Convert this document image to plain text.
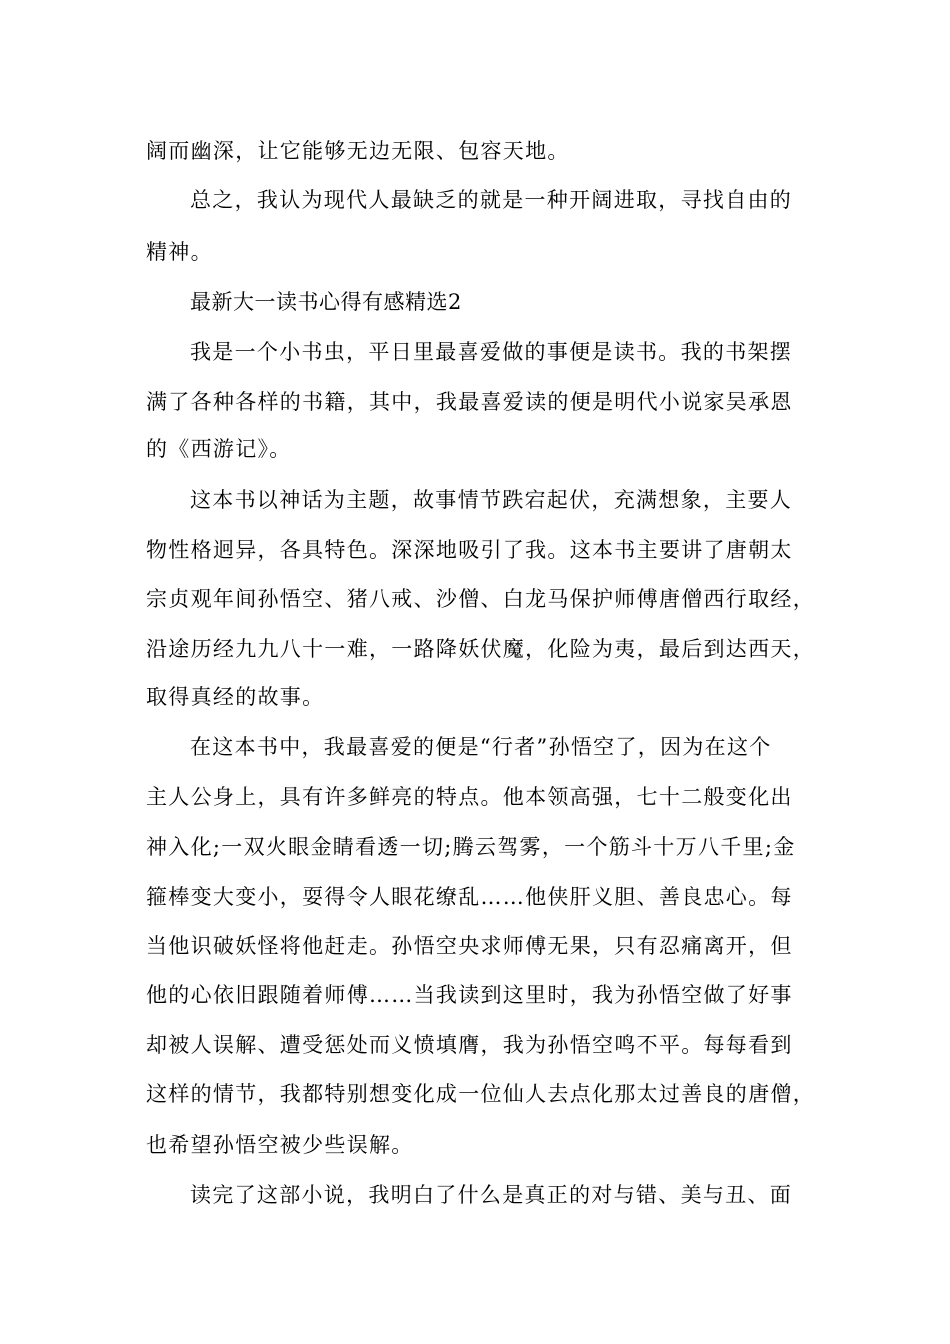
阔而幽深，让它能够无边无限、包容天地。
总之，我认为现代人最缺乏的就是一种开阔进取，寻找自由的
精神。
最新大一读书心得有感精选2
我是一个小书虫，平日里最喜爱做的事便是读书。我的书架摆
满了各种各样的书籍，其中，我最喜爱读的便是明代小说家吴承恩
的《西游记》。
这本书以神话为主题，故事情节跌宕起伏，充满想象，主要人
物性格迥异，各具特色。深深地吸引了我。这本书主要讲了唐朝太
宗贞观年间孙悟空、猪八戒、沙僧、白龙马保护师傅唐僧西行取经，
沿途历经九九八十一难，一路降妖伏魔，化险为夷，最后到达西天，
取得真经的故事。
在这本书中，我最喜爱的便是“行者”孙悟空了，因为在这个
主人公身上，具有许多鲜亮的特点。他本领高强，七十二般变化出
神入化;一双火眼金睛看透一切;腾云驾雾，一个筋斗十万八千里;金
箍棒变大变小，耍得令人眼花缭乱……他侠肝义胆、善良忠心。每
当他识破妖怪将他赶走。孙悟空央求师傅无果，只有忍痛离开，但
他的心依旧跟随着师傅……当我读到这里时，我为孙悟空做了好事
却被人误解、遭受惩处而义愤填膺，我为孙悟空鸣不平。每每看到
这样的情节，我都特别想变化成一位仙人去点化那太过善良的唐僧，
也希望孙悟空被少些误解。
读完了这部小说，我明白了什么是真正的对与错、美与丑、面
